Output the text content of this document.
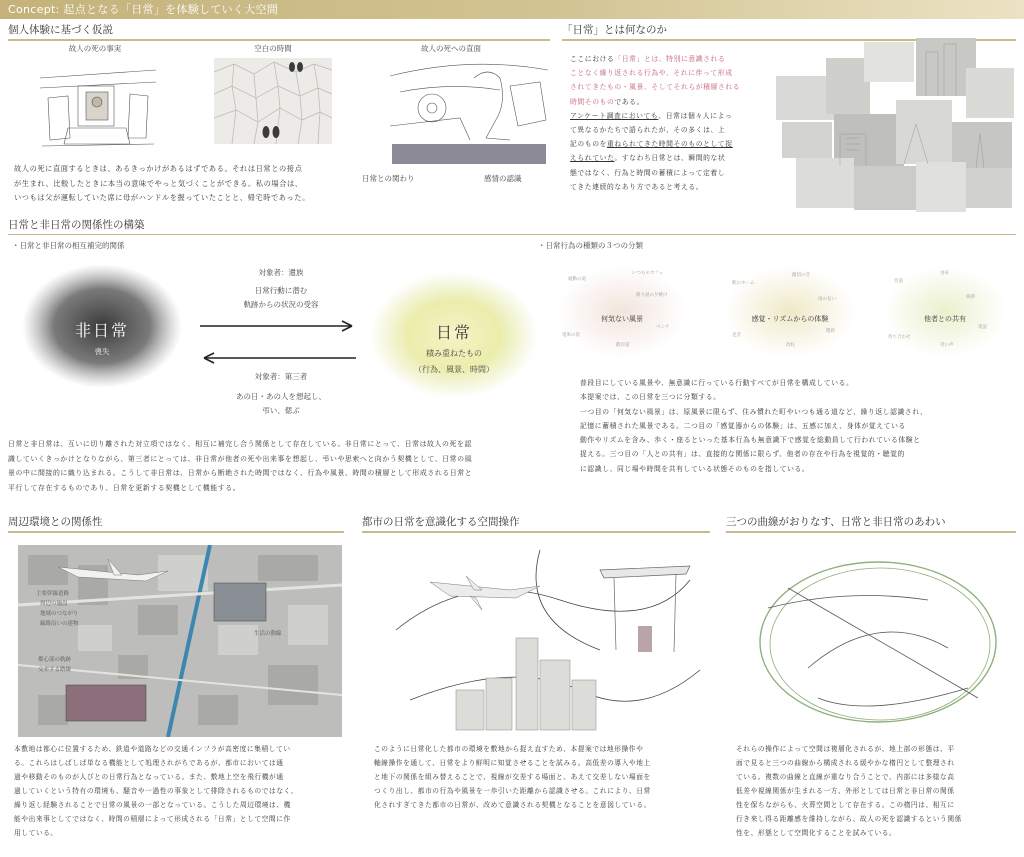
Concept: 起点となる「日常」を体験していく大空間
個人体験に基づく仮説
故人の死の事実	空白の時間	故人の死への直面
日常との関わり	感情の認識
故人の死に直面するときは、あるきっかけがあるはずである。それは日常との接点
が生まれ、比較したときに本当の意味でやっと気づくことができる。私の場合は、
いつもは父が運転していた席に母がハンドルを握っていたことと、帰宅時であった。
「日常」とは何なのか
ここにおける「日常」とは、特別に意識される
ことなく繰り返される行為や、それに伴って形成
されてきたもの・風景、そしてそれらが積層される
時間そのものである。
アンケート調査においても、日常は個々人によっ
て異なるかたちで語られたが、その多くは、上
記のものを重ねられてきた時間そのものとして捉
えられていた。すなわち日常とは、瞬間的な状
態ではなく、行為と時間の蓄積によって定着し
てきた連続的なあり方であると考える。
日常と非日常の関係性の構築
・日常と非日常の相互補完的関係	・日常行為の種類の３つの分類
非日常
喪失
対象者：遺族
日常行動に潜む
軌跡からの状況の受容
対象者：第三者
あの日・あの人を想起し、
弔い、偲ぶ
日常
積み重ねたもの
（行為、風景、時間）
日常と非日常は、互いに切り離された対立項ではなく、相互に補完し合う関係として存在している。非日常にとって、日常は故人の死を認
識していくきっかけとなりながら、第三者にとっては、非日常が他者の死や出来事を想起し、弔いや思索へと向かう契機として、日常の風
景の中に間接的に織り込まれる。こうして非日常は、日常から断絶された時間ではなく、行為や風景、時間の積層として形成される日常と
平行して存在するものであり、日常を更新する契機として機能する。
通勤の道
いつものカフェ
帰り道の夕焼け
電車の窓
散歩道
ベンチ
何気ない風景
駅のホーム
踏切の音
雨の匂い
足音
改札
階段
感覚・リズムからの体験
会話
食卓
挨拶
待ち合わせ
笑い声
電話
他者との共有
普段目にしている風景や、無意識に行っている行動すべてが日常を構成している。
本提案では、この日常を三つに分類する。
一つ目の「何気ない風景」は、原風景に限らず、住み慣れた町やいつも通る道など、繰り返し認識され、
記憶に蓄積された風景である。二つ目の「感覚器からの体験」は、五感に加え、身体が覚えている
動作やリズムを含み、歩く・座るといった基本行為も無意識下で感覚を総動員して行われている体験と
捉える。三つ目の「人との共有」は、直接的な関係に限らず、他者の存在や行為を視覚的・聴覚的
に認識し、同じ場や時間を共有している状態そのものを指している。
周辺環境との関係性	都市の日常を意識化する空間操作	三つの曲線がおりなす、日常と非日常のあわい
主要幹線道路
周辺の施設
地域のつながり
線路沿いの建物
都心部の軌跡
交差する路線
生活の動線
本敷地は都心に位置するため、鉄道や道路などの交通インフラが高密度に集積してい
る。これらはしばしば単なる機能として処理されがちであるが、都市においては通
過や移動そのものが人びとの日常行為となっている。また、敷地上空を飛行機が通
過していくという特有の環境も、騒音や一過性の事象として排除されるものではなく、
繰り返し経験されることで日常の風景の一部となっている。こうした周辺環境は、機
能や出来事としてではなく、時間の積層によって形成される「日常」として空間に作
用している。
このように日常化した都市の環境を敷地から捉え直すため、本提案では地形操作や
軸線操作を通して、日常をより鮮明に知覚させることを試みる。高低差の導入や地上
と地下の関係を組み替えることで、視線が交差する場面と、あえて交差しない場面を
つくり出し、都市の行為や風景を一歩引いた距離から認識させる。これにより、日常
化されすぎてきた都市の日常が、改めて意識される契機となることを意図している。
それらの操作によって空間は複層化されるが、地上部の形態は、平
面で見ると三つの曲線から構成される緩やかな楕円として整理され
ている。複数の曲線と直線が重なり合うことで、内部には多様な高
低差や視線関係が生まれる一方、外形としては日常と非日常の関係
性を保ちながらも、火葬空間として存在する。この楕円は、相互に
行き来し得る距離感を維持しながら、故人の死を認識するという関係
性を、形態として空間化することを試みている。
